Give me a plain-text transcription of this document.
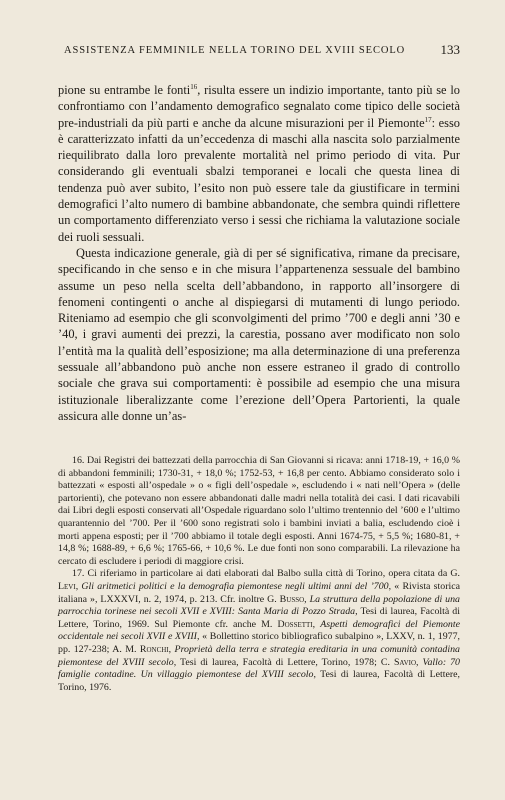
ASSISTENZA FEMMINILE NELLA TORINO DEL XVIII SECOLO	133

pione su entrambe le fonti$^{16}$, risulta essere un indizio importante, tanto più se lo confrontiamo con l’andamento demografico segnalato come tipico delle società pre-industriali da più parti e anche da alcune misurazioni per il Piemonte$^{17}$: esso è caratterizzato infatti da un’eccedenza di maschi alla nascita solo parzialmente riequilibrato dalla loro prevalente mortalità nel primo periodo di vita. Pur considerando gli eventuali sbalzi temporanei e locali che questa linea di tendenza può aver subito, l’esito non può essere tale da giustificare in termini demografici l’alto numero di bambine abbandonate, che sembra quindi riflettere un comportamento differenziato verso i sessi che richiama la valutazione sociale dei ruoli sessuali.

Questa indicazione generale, già di per sé significativa, rimane da precisare, specificando in che senso e in che misura l’appartenenza sessuale del bambino assume un peso nella scelta dell’abbandono, in rapporto all’insorgere di fenomeni contingenti o anche al dispiegarsi di mutamenti di lungo periodo. Riteniamo ad esempio che gli sconvolgimenti del primo ’700 e degli anni ’30 e ’40, i gravi aumenti dei prezzi, la carestia, possano aver modificato non solo l’entità ma la qualità dell’esposizione; ma alla determinazione di una preferenza sessuale all’abbandono può anche non essere estraneo il grado di controllo sociale che grava sui comportamenti: è possibile ad esempio che una misura istituzionale liberalizzante come l’erezione dell’Opera Partorienti, la quale assicura alle donne un’as-

16. Dai Registri dei battezzati della parrocchia di San Giovanni si ricava: anni 1718-19, + 16,0 % di abbandoni femminili; 1730-31, + 18,0 %; 1752-53, + 16,8 per cento. Abbiamo considerato solo i battezzati « esposti all’ospedale » o « figli dell’ospedale », escludendo i « nati nell’Opera » (delle partorienti), che potevano non essere abbandonati dalle madri nella totalità dei casi. I dati ricavabili dai Libri degli esposti conservati all’Ospedale riguardano solo l’ultimo trentennio del ’600 e l’ultimo quarantennio del ’700. Per il ’600 sono registrati solo i bambini inviati a balia, escludendo cioè i morti appena esposti; per il ’700 abbiamo il totale degli esposti. Anni 1674-75, + 5,5 %; 1680-81, + 14,8 %; 1688-89, + 6,6 %; 1765-66, + 10,6 %. Le due fonti non sono comparabili. La rilevazione ha cercato di escludere i periodi di maggiore crisi.

17. Ci riferiamo in particolare ai dati elaborati dal Balbo sulla città di Torino, opera citata da G. Levi, Gli aritmetici politici e la demografia piemontese negli ultimi anni del ’700, « Rivista storica italiana », LXXXVI, n. 2, 1974, p. 213. Cfr. inoltre G. Busso, La struttura della popolazione di una parrocchia torinese nei secoli XVII e XVIII: Santa Maria di Pozzo Strada, Tesi di laurea, Facoltà di Lettere, Torino, 1969. Sul Piemonte cfr. anche M. Dossetti, Aspetti demografici del Piemonte occidentale nei secoli XVII e XVIII, « Bollettino storico bibliografico subalpino », LXXV, n. 1, 1977, pp. 127-238; A. M. Ronchi, Proprietà della terra e strategia ereditaria in una comunità contadina piemontese del XVIII secolo, Tesi di laurea, Facoltà di Lettere, Torino, 1978; C. Savio, Vallo: 70 famiglie contadine. Un villaggio piemontese del XVIII secolo, Tesi di laurea, Facoltà di Lettere, Torino, 1976.
